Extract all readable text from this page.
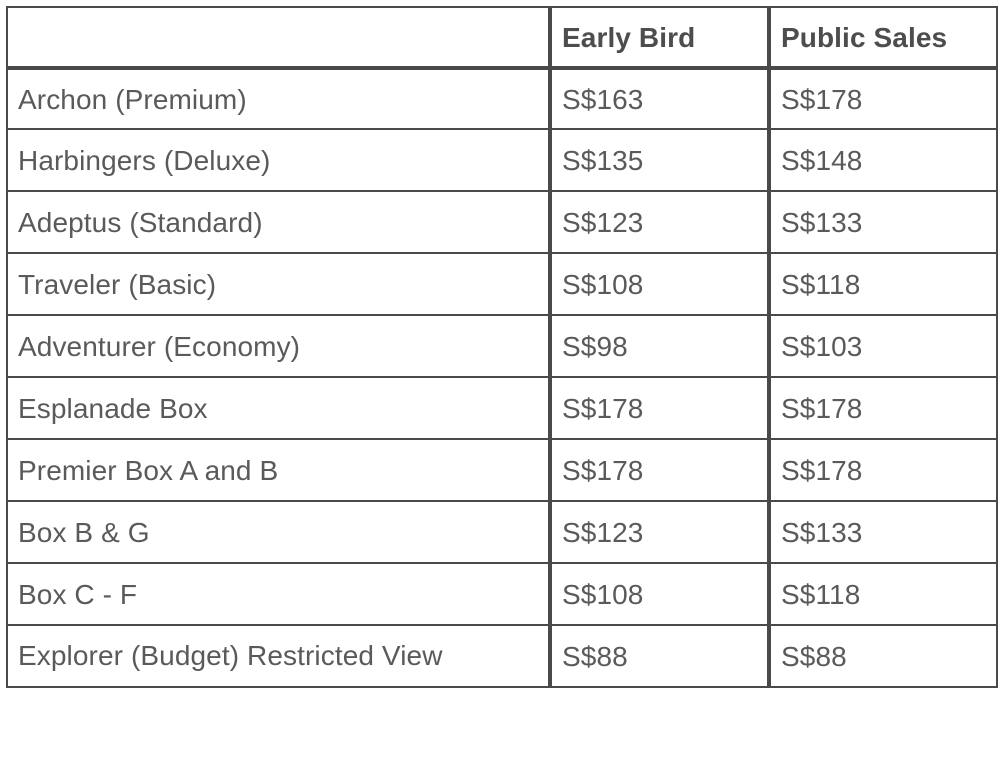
	Early Bird	Public Sales
Archon (Premium)	S$163	S$178
Harbingers (Deluxe)	S$135	S$148
Adeptus (Standard)	S$123	S$133
Traveler (Basic)	S$108	S$118
Adventurer (Economy)	S$98	S$103
Esplanade Box	S$178	S$178
Premier Box A and B	S$178	S$178
Box B & G	S$123	S$133
Box C - F	S$108	S$118
Explorer (Budget) Restricted View	S$88	S$88
